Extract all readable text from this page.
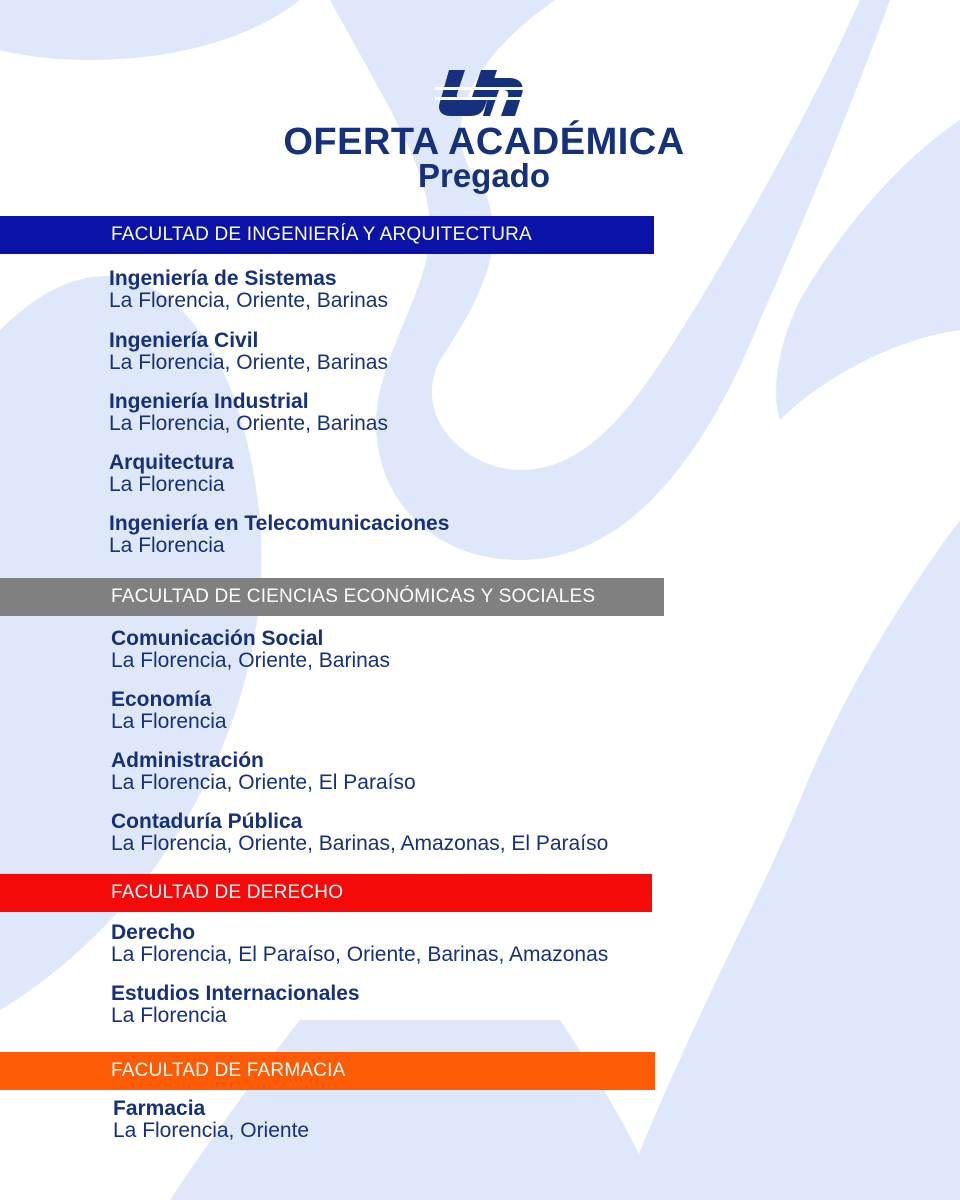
OFERTA ACADÉMICA
Pregado
FACULTAD DE INGENIERÍA Y ARQUITECTURA
Ingeniería de Sistemas
La Florencia, Oriente, Barinas
Ingeniería Civil
La Florencia, Oriente, Barinas
Ingeniería Industrial
La Florencia, Oriente, Barinas
Arquitectura
La Florencia
Ingeniería en Telecomunicaciones
La Florencia
FACULTAD DE CIENCIAS ECONÓMICAS Y SOCIALES
Comunicación Social
La Florencia, Oriente, Barinas
Economía
La Florencia
Administración
La Florencia, Oriente, El Paraíso
Contaduría Pública
La Florencia, Oriente, Barinas, Amazonas, El Paraíso
FACULTAD DE DERECHO
Derecho
La Florencia, El Paraíso, Oriente, Barinas, Amazonas
Estudios Internacionales
La Florencia
FACULTAD DE FARMACIA
Farmacia
La Florencia, Oriente
